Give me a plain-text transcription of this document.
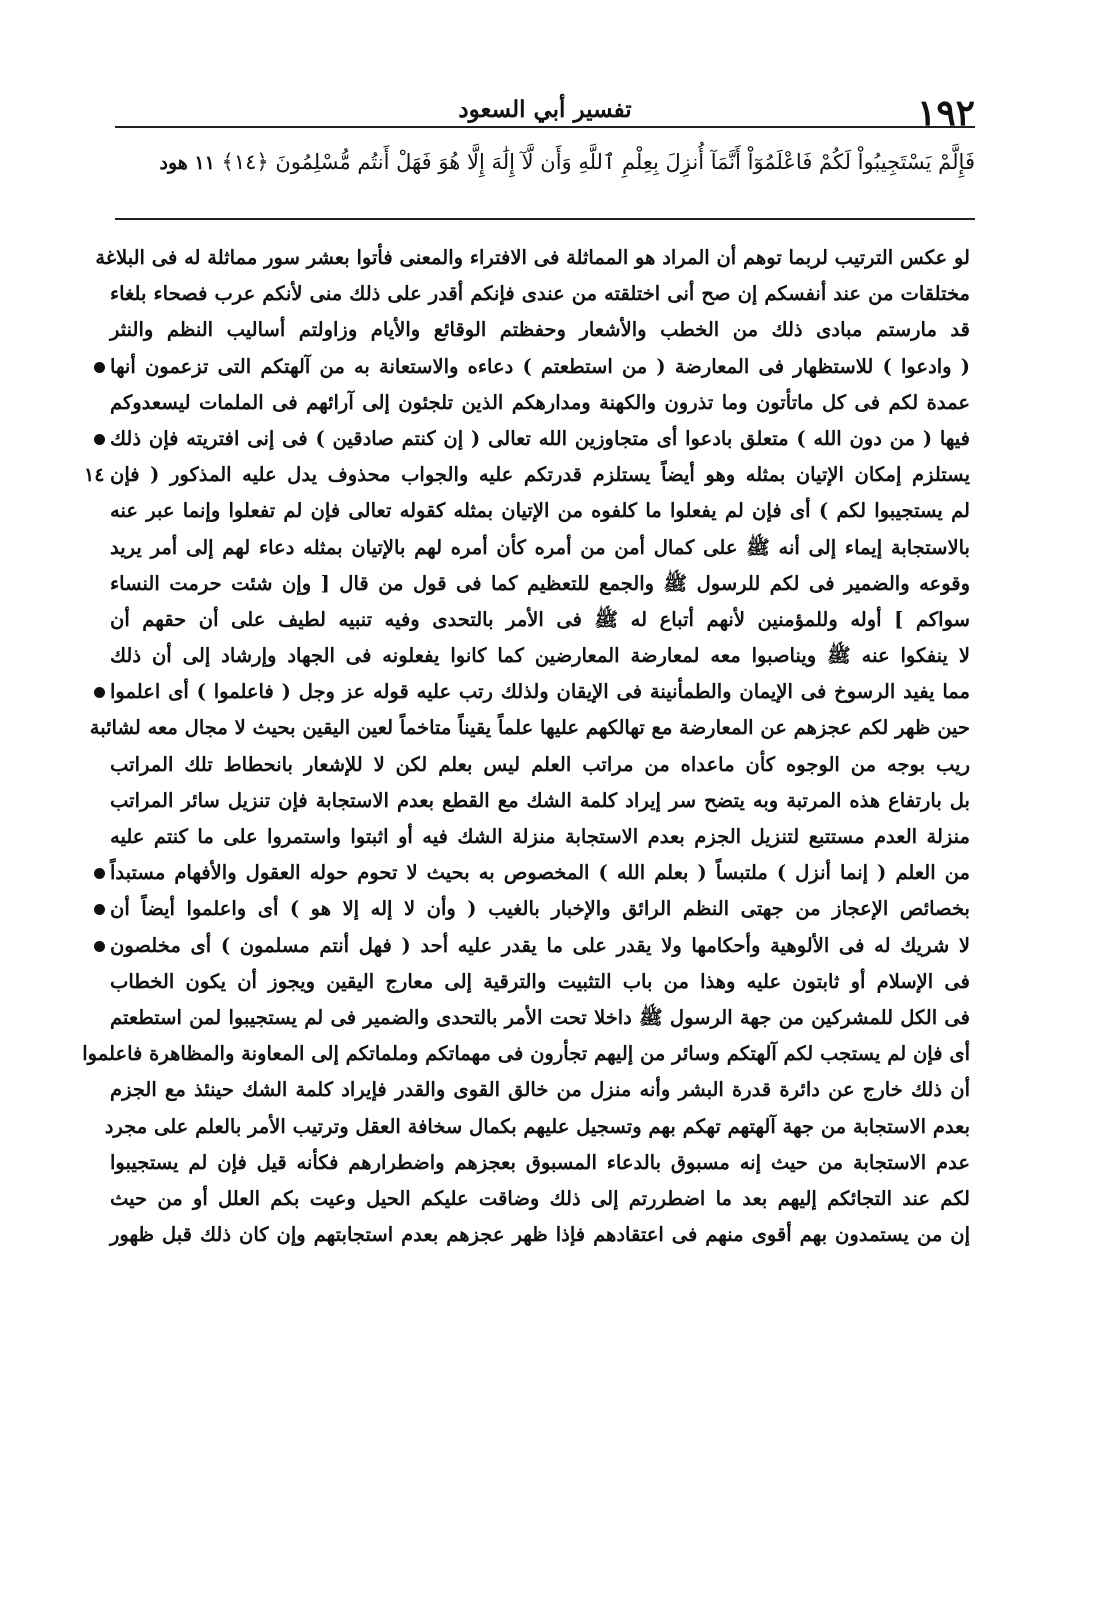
١٩٢
تفسير أبي السعود
فَإِلَّمْ يَسْتَجِيبُواْ لَكُمْ فَاعْلَمُوٓاْ أَنَّمَآ أُنزِلَ بِعِلْمِ ٱللَّهِ وَأَن لَّآ إِلَٰهَ إِلَّا هُوَ فَهَلْ أَنتُم مُّسْلِمُونَ ﴿١٤﴾ ١١ هود
لو عكس الترتيب لربما توهم أن المراد هو المماثلة فى الافتراء والمعنى فأتوا بعشر سور مماثلة له فى البلاغة
مختلقات من عند أنفسكم إن صح أنى اختلقته من عندى فإنكم أقدر على ذلك منى لأنكم عرب فصحاء بلغاء
قد مارستم مبادى ذلك من الخطب والأشعار وحفظتم الوقائع والأيام وزاولتم أساليب النظم والنثر
( وادعوا ) للاستظهار فى المعارضة ( من استطعتم ) دعاءه والاستعانة به من آلهتكم التى تزعمون أنها
عمدة لكم فى كل ماتأتون وما تذرون والكهنة ومدارهكم الذين تلجئون إلى آرائهم فى الملمات ليسعدوكم
فيها ( من دون الله ) متعلق بادعوا أى متجاوزين الله تعالى ( إن كنتم صادقين ) فى إنى افتريته فإن ذلك
يستلزم إمكان الإتيان بمثله وهو أيضاً يستلزم قدرتكم عليه والجواب محذوف يدل عليه المذكور ( فإن
١٤
لم يستجيبوا لكم ) أى فإن لم يفعلوا ما كلفوه من الإتيان بمثله كقوله تعالى فإن لم تفعلوا وإنما عبر عنه
بالاستجابة إيماء إلى أنه ﷺ على كمال أمن من أمره كأن أمره لهم بالإتيان بمثله دعاء لهم إلى أمر يريد
وقوعه والضمير فى لكم للرسول ﷺ والجمع للتعظيم كما فى قول من قال [ وإن شئت حرمت النساء
سواكم ] أوله وللمؤمنين لأنهم أتباع له ﷺ فى الأمر بالتحدى وفيه تنبيه لطيف على أن حقهم أن
لا ينفكوا عنه ﷺ ويناصبوا معه لمعارضة المعارضين كما كانوا يفعلونه فى الجهاد وإرشاد إلى أن ذلك
مما يفيد الرسوخ فى الإيمان والطمأنينة فى الإيقان ولذلك رتب عليه قوله عز وجل ( فاعلموا ) أى اعلموا
حين ظهر لكم عجزهم عن المعارضة مع تهالكهم عليها علماً يقيناً متاخماً لعين اليقين بحيث لا مجال معه لشائبة
ريب بوجه من الوجوه كأن ماعداه من مراتب العلم ليس بعلم لكن لا للإشعار بانحطاط تلك المراتب
بل بارتفاع هذه المرتبة وبه يتضح سر إيراد كلمة الشك مع القطع بعدم الاستجابة فإن تنزيل سائر المراتب
منزلة العدم مستتبع لتنزيل الجزم بعدم الاستجابة منزلة الشك فيه أو اثبتوا واستمروا على ما كنتم عليه
من العلم ( إنما أنزل ) ملتبساً ( بعلم الله ) المخصوص به بحيث لا تحوم حوله العقول والأفهام مستبداً
بخصائص الإعجاز من جهتى النظم الرائق والإخبار بالغيب ( وأن لا إله إلا هو ) أى واعلموا أيضاً أن
لا شريك له فى الألوهية وأحكامها ولا يقدر على ما يقدر عليه أحد ( فهل أنتم مسلمون ) أى مخلصون
فى الإسلام أو ثابتون عليه وهذا من باب التثبيت والترقية إلى معارج اليقين ويجوز أن يكون الخطاب
فى الكل للمشركين من جهة الرسول ﷺ داخلا تحت الأمر بالتحدى والضمير فى لم يستجيبوا لمن استطعتم
أى فإن لم يستجب لكم آلهتكم وسائر من إليهم تجأرون فى مهماتكم وملماتكم إلى المعاونة والمظاهرة فاعلموا
أن ذلك خارج عن دائرة قدرة البشر وأنه منزل من خالق القوى والقدر فإيراد كلمة الشك حينئذ مع الجزم
بعدم الاستجابة من جهة آلهتهم تهكم بهم وتسجيل عليهم بكمال سخافة العقل وترتيب الأمر بالعلم على مجرد
عدم الاستجابة من حيث إنه مسبوق بالدعاء المسبوق بعجزهم واضطرارهم فكأنه قيل فإن لم يستجيبوا
لكم عند التجائكم إليهم بعد ما اضطررتم إلى ذلك وضاقت عليكم الحيل وعيت بكم العلل أو من حيث
إن من يستمدون بهم أقوى منهم فى اعتقادهم فإذا ظهر عجزهم بعدم استجابتهم وإن كان ذلك قبل ظهور
